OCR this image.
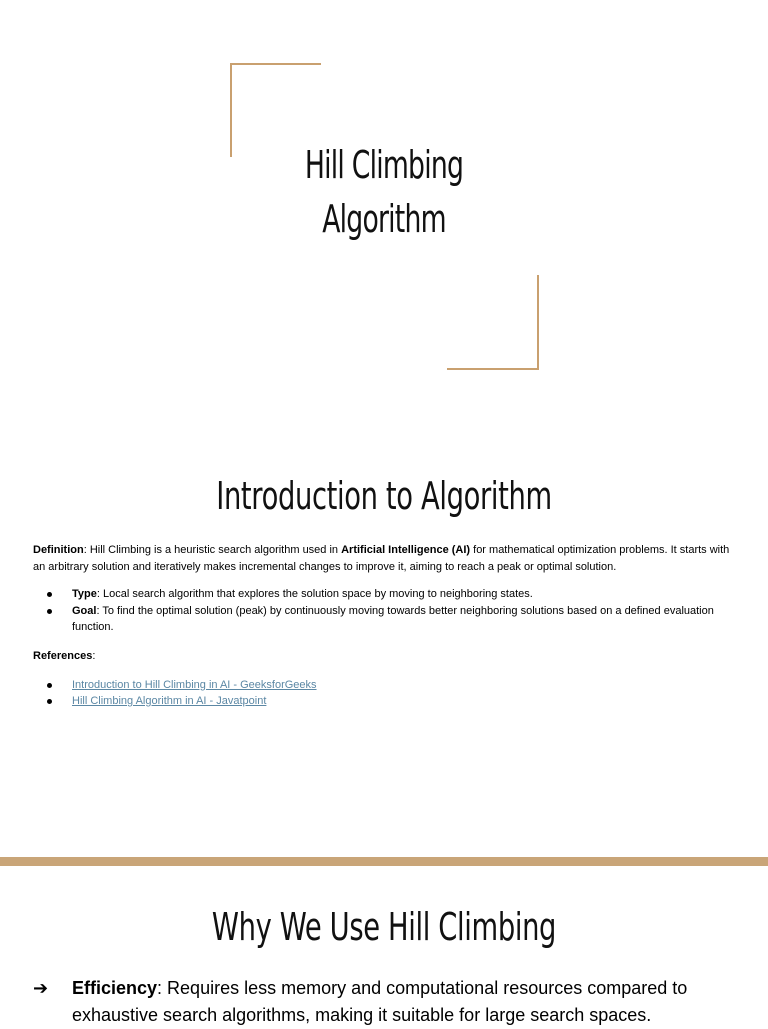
Hill Climbing
Algorithm
Introduction to Algorithm

Definition: Hill Climbing is a heuristic search algorithm used in Artificial Intelligence (AI) for mathematical optimization problems. It starts with an arbitrary solution and iteratively makes incremental changes to improve it, aiming to reach a peak or optimal solution.

Type: Local search algorithm that explores the solution space by moving to neighboring states.
Goal: To find the optimal solution (peak) by continuously moving towards better neighboring solutions based on a defined evaluation function.

References:

Introduction to Hill Climbing in AI - GeeksforGeeks
Hill Climbing Algorithm in AI - Javatpoint
Why We Use Hill Climbing
➔ Efficiency: Requires less memory and computational resources compared to exhaustive search algorithms, making it suitable for large search spaces.
